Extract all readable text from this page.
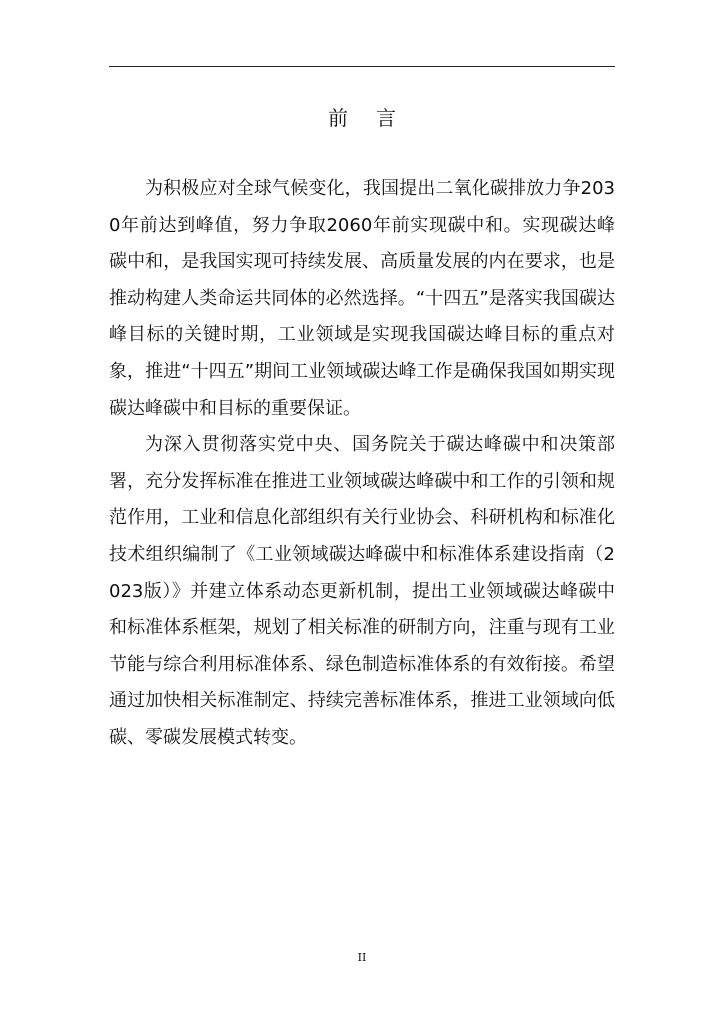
前 言

为积极应对全球气候变化，我国提出二氧化碳排放力争2030年前达到峰值，努力争取2060年前实现碳中和。实现碳达峰碳中和，是我国实现可持续发展、高质量发展的内在要求，也是推动构建人类命运共同体的必然选择。“十四五”是落实我国碳达峰目标的关键时期，工业领域是实现我国碳达峰目标的重点对象，推进“十四五”期间工业领域碳达峰工作是确保我国如期实现碳达峰碳中和目标的重要保证。

为深入贯彻落实党中央、国务院关于碳达峰碳中和决策部署，充分发挥标准在推进工业领域碳达峰碳中和工作的引领和规范作用，工业和信息化部组织有关行业协会、科研机构和标准化技术组织编制了《工业领域碳达峰碳中和标准体系建设指南（2023版）》并建立体系动态更新机制，提出工业领域碳达峰碳中和标准体系框架，规划了相关标准的研制方向，注重与现有工业节能与综合利用标准体系、绿色制造标准体系的有效衔接。希望通过加快相关标准制定、持续完善标准体系，推进工业领域向低碳、零碳发展模式转变。

II
